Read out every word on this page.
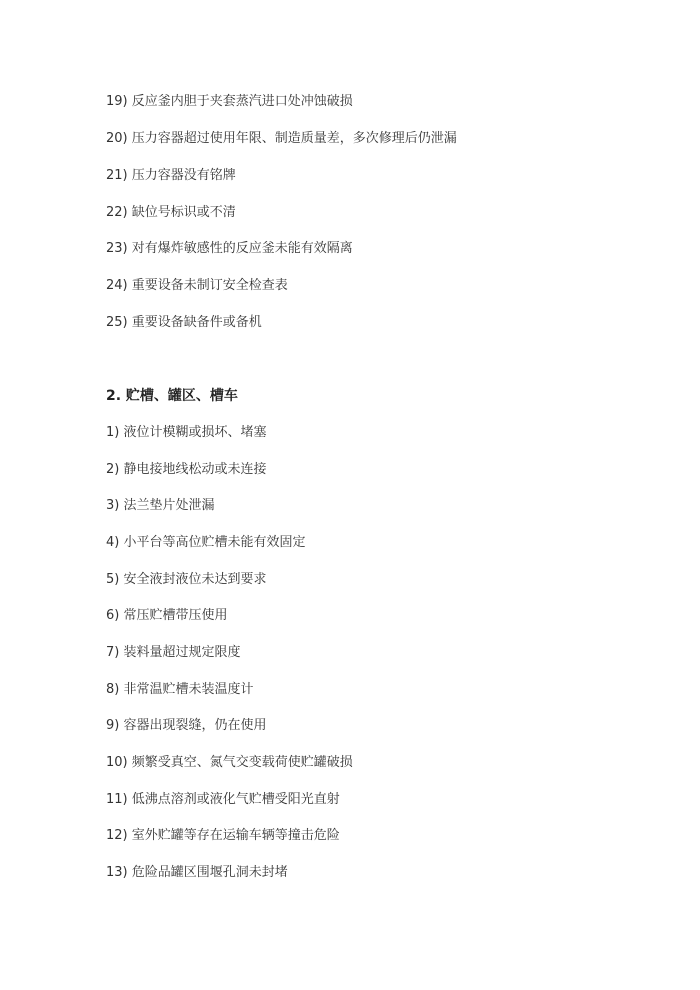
19) 反应釜内胆于夹套蒸汽进口处冲蚀破损
20) 压力容器超过使用年限、制造质量差，多次修理后仍泄漏
21) 压力容器没有铭牌
22) 缺位号标识或不清
23) 对有爆炸敏感性的反应釜未能有效隔离
24) 重要设备未制订安全检查表
25) 重要设备缺备件或备机
2. 贮槽、罐区、槽车
1) 液位计模糊或损坏、堵塞
2) 静电接地线松动或未连接
3) 法兰垫片处泄漏
4) 小平台等高位贮槽未能有效固定
5) 安全液封液位未达到要求
6) 常压贮槽带压使用
7) 装料量超过规定限度
8) 非常温贮槽未装温度计
9) 容器出现裂缝，仍在使用
10) 频繁受真空、氮气交变载荷使贮罐破损
11) 低沸点溶剂或液化气贮槽受阳光直射
12) 室外贮罐等存在运输车辆等撞击危险
13) 危险品罐区围堰孔洞未封堵
